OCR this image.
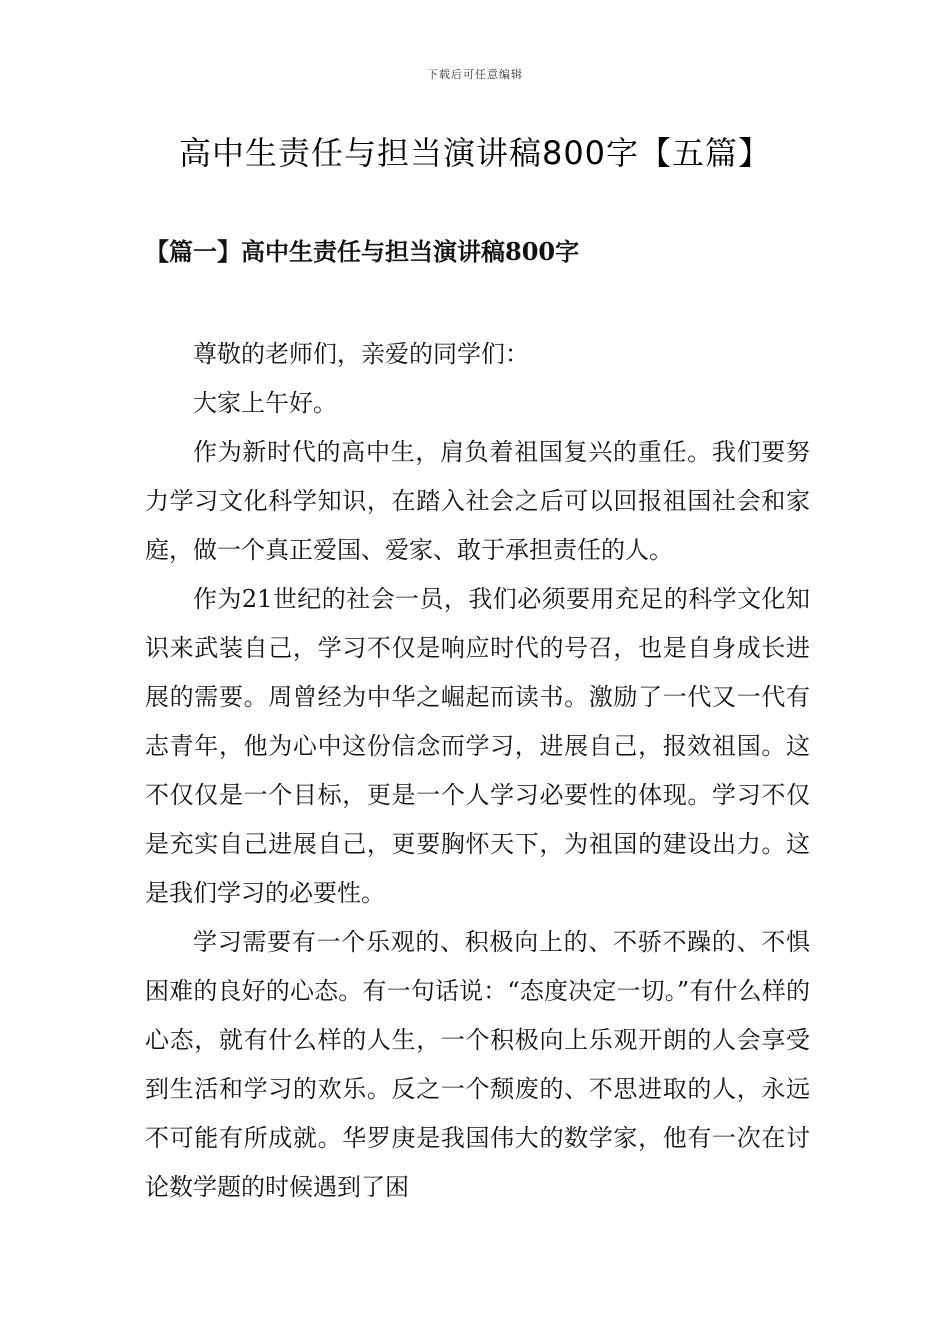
下载后可任意编辑
高中生责任与担当演讲稿800字【五篇】
【篇一】高中生责任与担当演讲稿800字

尊敬的老师们，亲爱的同学们：

大家上午好。

作为新时代的高中生，肩负着祖国复兴的重任。我们要努力学习文化科学知识，在踏入社会之后可以回报祖国社会和家庭，做一个真正爱国、爱家、敢于承担责任的人。

作为21世纪的社会一员，我们必须要用充足的科学文化知识来武装自己，学习不仅是响应时代的号召，也是自身成长进展的需要。周曾经为中华之崛起而读书。激励了一代又一代有志青年，他为心中这份信念而学习，进展自己，报效祖国。这不仅仅是一个目标，更是一个人学习必要性的体现。学习不仅是充实自己进展自己，更要胸怀天下，为祖国的建设出力。这是我们学习的必要性。

学习需要有一个乐观的、积极向上的、不骄不躁的、不惧困难的良好的心态。有一句话说：“态度决定一切。”有什么样的心态，就有什么样的人生，一个积极向上乐观开朗的人会享受到生活和学习的欢乐。反之一个颓废的、不思进取的人，永远不可能有所成就。华罗庚是我国伟大的数学家，他有一次在讨论数学题的时候遇到了困
